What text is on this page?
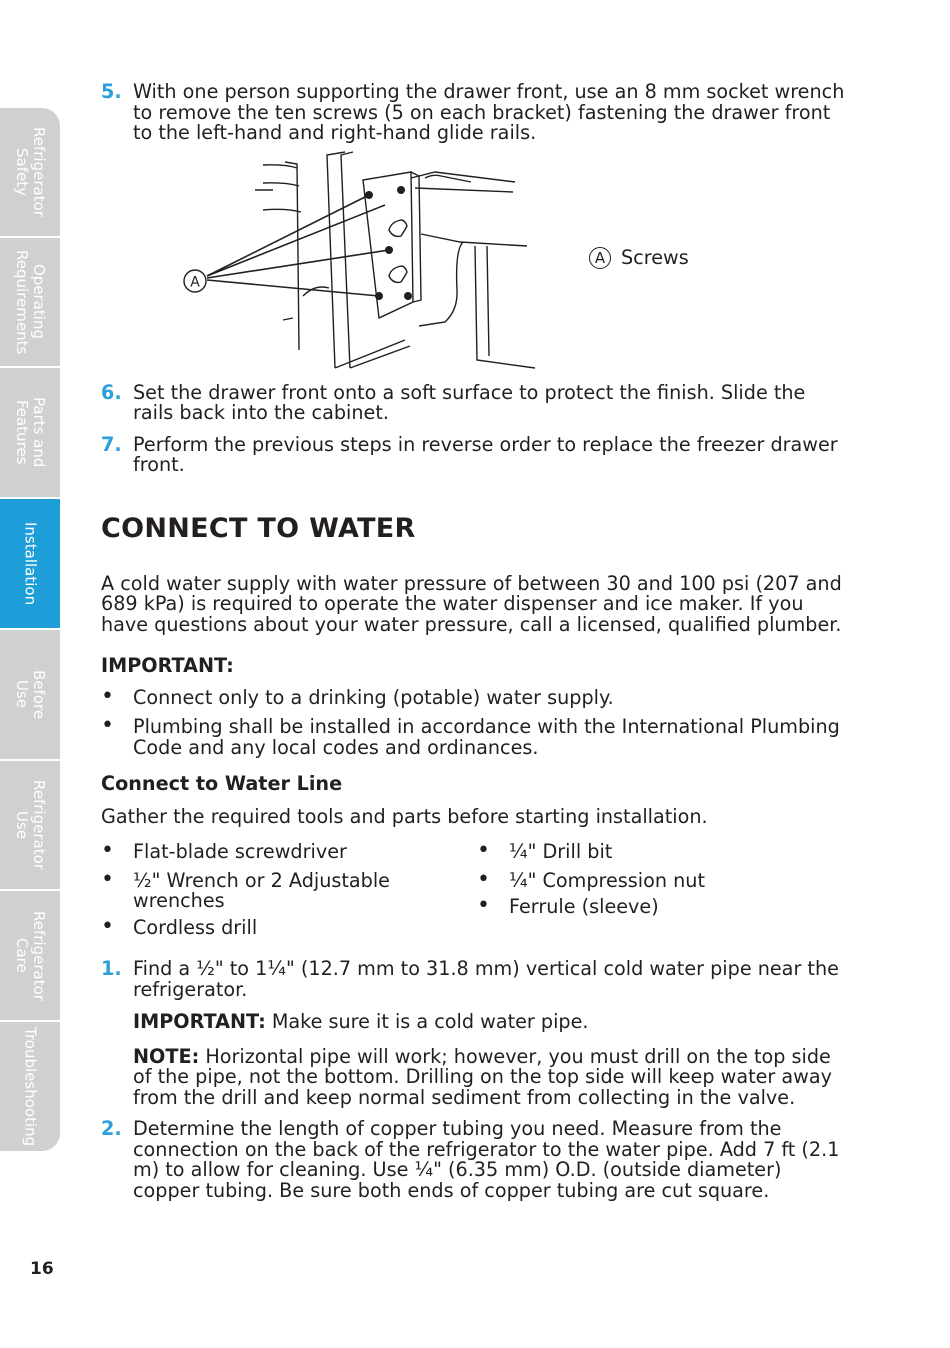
Refrigerator
Safety
Operating
Requirements
Parts and
Features
Installation
Before
Use
Refrigerator
Use
Refrigerator
Care
Troubleshooting
A
A Screws
5. With one person supporting the drawer front, use an 8 mm socket wrench to remove the ten screws (5 on each bracket) fastening the drawer front to the left-hand and right-hand glide rails.

6. Set the drawer front onto a soft surface to protect the finish. Slide the rails back into the cabinet.

7. Perform the previous steps in reverse order to replace the freezer drawer front.

CONNECT TO WATER

A cold water supply with water pressure of between 30 and 100 psi (207 and 689 kPa) is required to operate the water dispenser and ice maker. If you have questions about your water pressure, call a licensed, qualified plumber.

IMPORTANT:

• Connect only to a drinking (potable) water supply.
• Plumbing shall be installed in accordance with the International Plumbing Code and any local codes and ordinances.

Connect to Water Line

Gather the required tools and parts before starting installation.

• Flat-blade screwdriver
• ½" Wrench or 2 Adjustable wrenches
• Cordless drill
• ¼" Drill bit
• ¼" Compression nut
• Ferrule (sleeve)
1. Find a ½" to 1¼" (12.7 mm to 31.8 mm) vertical cold water pipe near the refrigerator.

IMPORTANT: Make sure it is a cold water pipe.

NOTE: Horizontal pipe will work; however, you must drill on the top side of the pipe, not the bottom. Drilling on the top side will keep water away from the drill and keep normal sediment from collecting in the valve.

2. Determine the length of copper tubing you need. Measure from the connection on the back of the refrigerator to the water pipe. Add 7 ft (2.1 m) to allow for cleaning. Use ¼" (6.35 mm) O.D. (outside diameter) copper tubing. Be sure both ends of copper tubing are cut square.

16
